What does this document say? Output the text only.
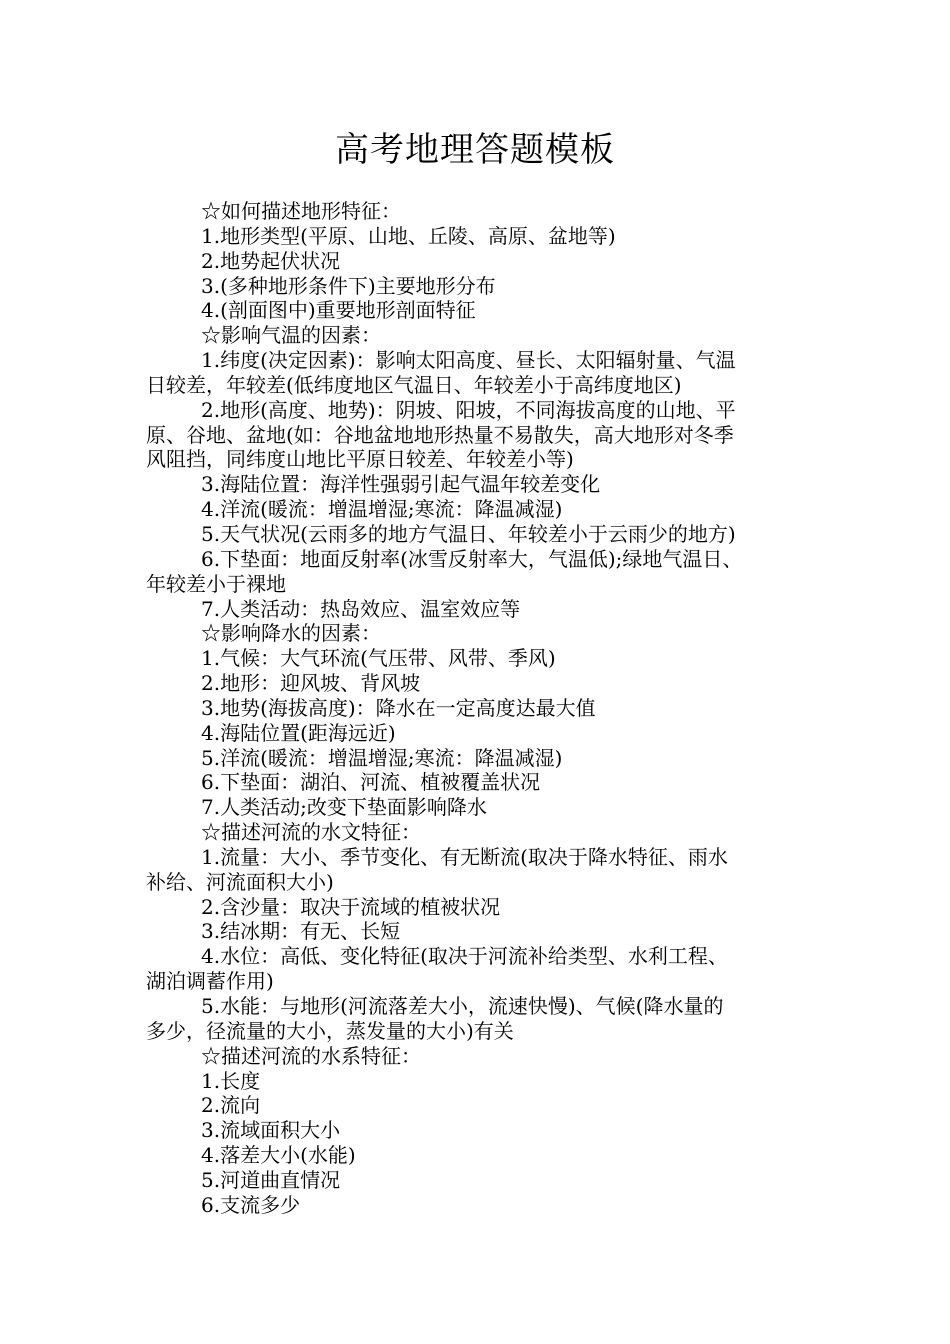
高考地理答题模板

☆如何描述地形特征：

1.地形类型(平原、山地、丘陵、高原、盆地等)

2.地势起伏状况

3.(多种地形条件下)主要地形分布

4.(剖面图中)重要地形剖面特征

☆影响气温的因素：

1.纬度(决定因素)：影响太阳高度、昼长、太阳辐射量、气温

日较差，年较差(低纬度地区气温日、年较差小于高纬度地区)

2.地形(高度、地势)：阴坡、阳坡，不同海拔高度的山地、平

原、谷地、盆地(如：谷地盆地地形热量不易散失，高大地形对冬季

风阻挡，同纬度山地比平原日较差、年较差小等)

3.海陆位置：海洋性强弱引起气温年较差变化

4.洋流(暖流：增温增湿;寒流：降温减湿)

5.天气状况(云雨多的地方气温日、年较差小于云雨少的地方)

6.下垫面：地面反射率(冰雪反射率大，气温低);绿地气温日、

年较差小于裸地

7.人类活动：热岛效应、温室效应等

☆影响降水的因素：

1.气候：大气环流(气压带、风带、季风)

2.地形：迎风坡、背风坡

3.地势(海拔高度)：降水在一定高度达最大值

4.海陆位置(距海远近)

5.洋流(暖流：增温增湿;寒流：降温减湿)

6.下垫面：湖泊、河流、植被覆盖状况

7.人类活动;改变下垫面影响降水

☆描述河流的水文特征：

1.流量：大小、季节变化、有无断流(取决于降水特征、雨水

补给、河流面积大小)

2.含沙量：取决于流域的植被状况

3.结冰期：有无、长短

4.水位：高低、变化特征(取决于河流补给类型、水利工程、

湖泊调蓄作用)

5.水能：与地形(河流落差大小，流速快慢)、气候(降水量的

多少，径流量的大小，蒸发量的大小)有关

☆描述河流的水系特征：

1.长度

2.流向

3.流域面积大小

4.落差大小(水能)

5.河道曲直情况

6.支流多少
